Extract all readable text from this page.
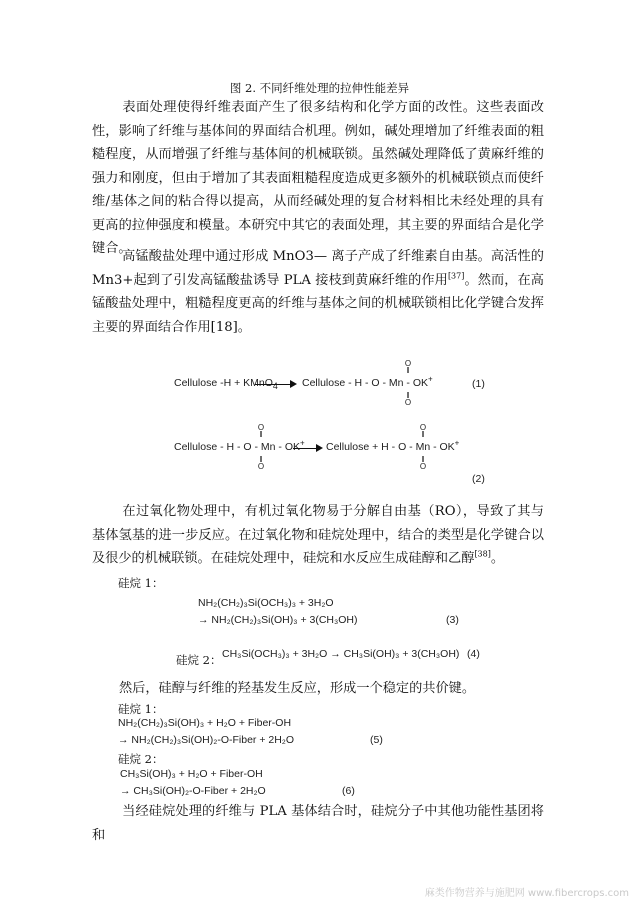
图 2. 不同纤维处理的拉伸性能差异

表面处理使得纤维表面产生了很多结构和化学方面的改性。这些表面改性，影响了纤维与基体间的界面结合机理。例如，碱处理增加了纤维表面的粗糙程度，从而增强了纤维与基体间的机械联锁。虽然碱处理降低了黄麻纤维的强力和刚度，但由于增加了其表面粗糙程度造成更多额外的机械联锁点而使纤维/基体之间的粘合得以提高，从而经碱处理的复合材料相比未经处理的具有更高的拉伸强度和模量。本研究中其它的表面处理，其主要的界面结合是化学键合。

高锰酸盐处理中通过形成 MnO3— 离子产成了纤维素自由基。高活性的Mn3+起到了引发高锰酸盐诱导 PLA 接枝到黄麻纤维的作用[37]。然而，在高锰酸盐处理中，粗糙程度更高的纤维与基体之间的机械联锁相比化学键合发挥主要的界面结合作用[18]。

Cellulose -H + KMnO$_4$ → Cellulose - H - O - Mn - OK+
O
‖
‖
O
(1)
Cellulose - H - O - Mn - OK+
O
‖
‖
O
→ Cellulose + H - O - Mn - OK+
O
‖
‖
O
(2)

在过氧化物处理中，有机过氧化物易于分解自由基（RO），导致了其与基体氢基的进一步反应。在过氧化物和硅烷处理中，结合的类型是化学键合以及很少的机械联锁。在硅烷处理中，硅烷和水反应生成硅醇和乙醇[38]。

硅烷 1：
NH₂(CH₂)₃Si(OCH₃)₃ + 3H₂O
→ NH₂(CH₂)₃Si(OH)₃ + 3(CH₃OH)	(3)
硅烷 2： CH₃Si(OCH₃)₃ + 3H₂O → CH₃Si(OH)₃ + 3(CH₃OH) (4)

然后，硅醇与纤维的羟基发生反应，形成一个稳定的共价键。

硅烷 1：
NH₂(CH₂)₃Si(OH)₃ + H₂O + Fiber-OH
→ NH₂(CH₂)₃Si(OH)₂-O-Fiber + 2H₂O	(5)
硅烷 2：
CH₃Si(OH)₃ + H₂O + Fiber-OH
→ CH₃Si(OH)₂-O-Fiber + 2H₂O	(6)

当经硅烷处理的纤维与 PLA 基体结合时，硅烷分子中其他功能性基团将和

麻类作物营养与施肥网 www.fibercrops.com
